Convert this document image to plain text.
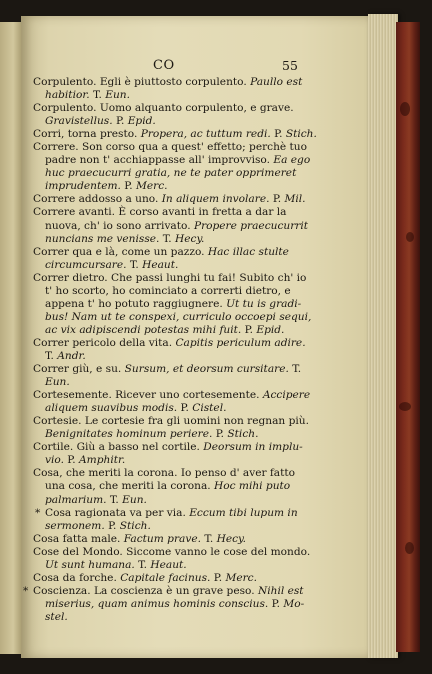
CO	55
Corpulento. Egli è piuttosto corpulento. Paullo est
habitior. T. Eun.
Corpulento. Uomo alquanto corpulento, e grave.
Gravistellus. P. Epid.
Corri, torna presto. Propera, ac tuttum redi. P. Stich.
Correre. Son corso qua a quest' effetto; perchè tuo
padre non t' acchiappasse all' improvviso. Ea ego
huc praecucurri gratia, ne te pater opprimeret
imprudentem. P. Merc.
Correre addosso a uno. In aliquem involare. P. Mil.
Correre avanti. È corso avanti in fretta a dar la
nuova, ch' io sono arrivato. Propere praecucurrit
nuncians me venisse. T. Hecy.
Correr qua e là, come un pazzo. Hac illac stulte
circumcursare. T. Heaut.
Correr dietro. Che passi lunghi tu fai! Subito ch' io
t' ho scorto, ho cominciato a correrti dietro, e
appena t' ho potuto raggiugnere. Ut tu is gradi-
bus! Nam ut te conspexi, curriculo occoepi sequi,
ac vix adipiscendi potestas mihi fuit. P. Epid.
Correr pericolo della vita. Capitis periculum adire.
T. Andr.
Correr giù, e su. Sursum, et deorsum cursitare. T.
Eun.
Cortesemente. Ricever uno cortesemente. Accipere
aliquem suavibus modis. P. Cistel.
Cortesie. Le cortesie fra gli uomini non regnan più.
Benignitates hominum periere. P. Stich.
Cortile. Giù a basso nel cortile. Deorsum in implu-
vio. P. Amphitr.
Cosa, che meriti la corona. Io penso d' aver fatto
una cosa, che meriti la corona. Hoc mihi puto
palmarium. T. Eun.
* Cosa ragionata va per via. Eccum tibi lupum in
sermonem. P. Stich.
Cosa fatta male. Factum prave. T. Hecy.
Cose del Mondo. Siccome vanno le cose del mondo.
Ut sunt humana. T. Heaut.
Cosa da forche. Capitale facinus. P. Merc.
* Coscienza. La coscienza è un grave peso. Nihil est
miserius, quam animus hominis conscius. P. Mo-
stel.
